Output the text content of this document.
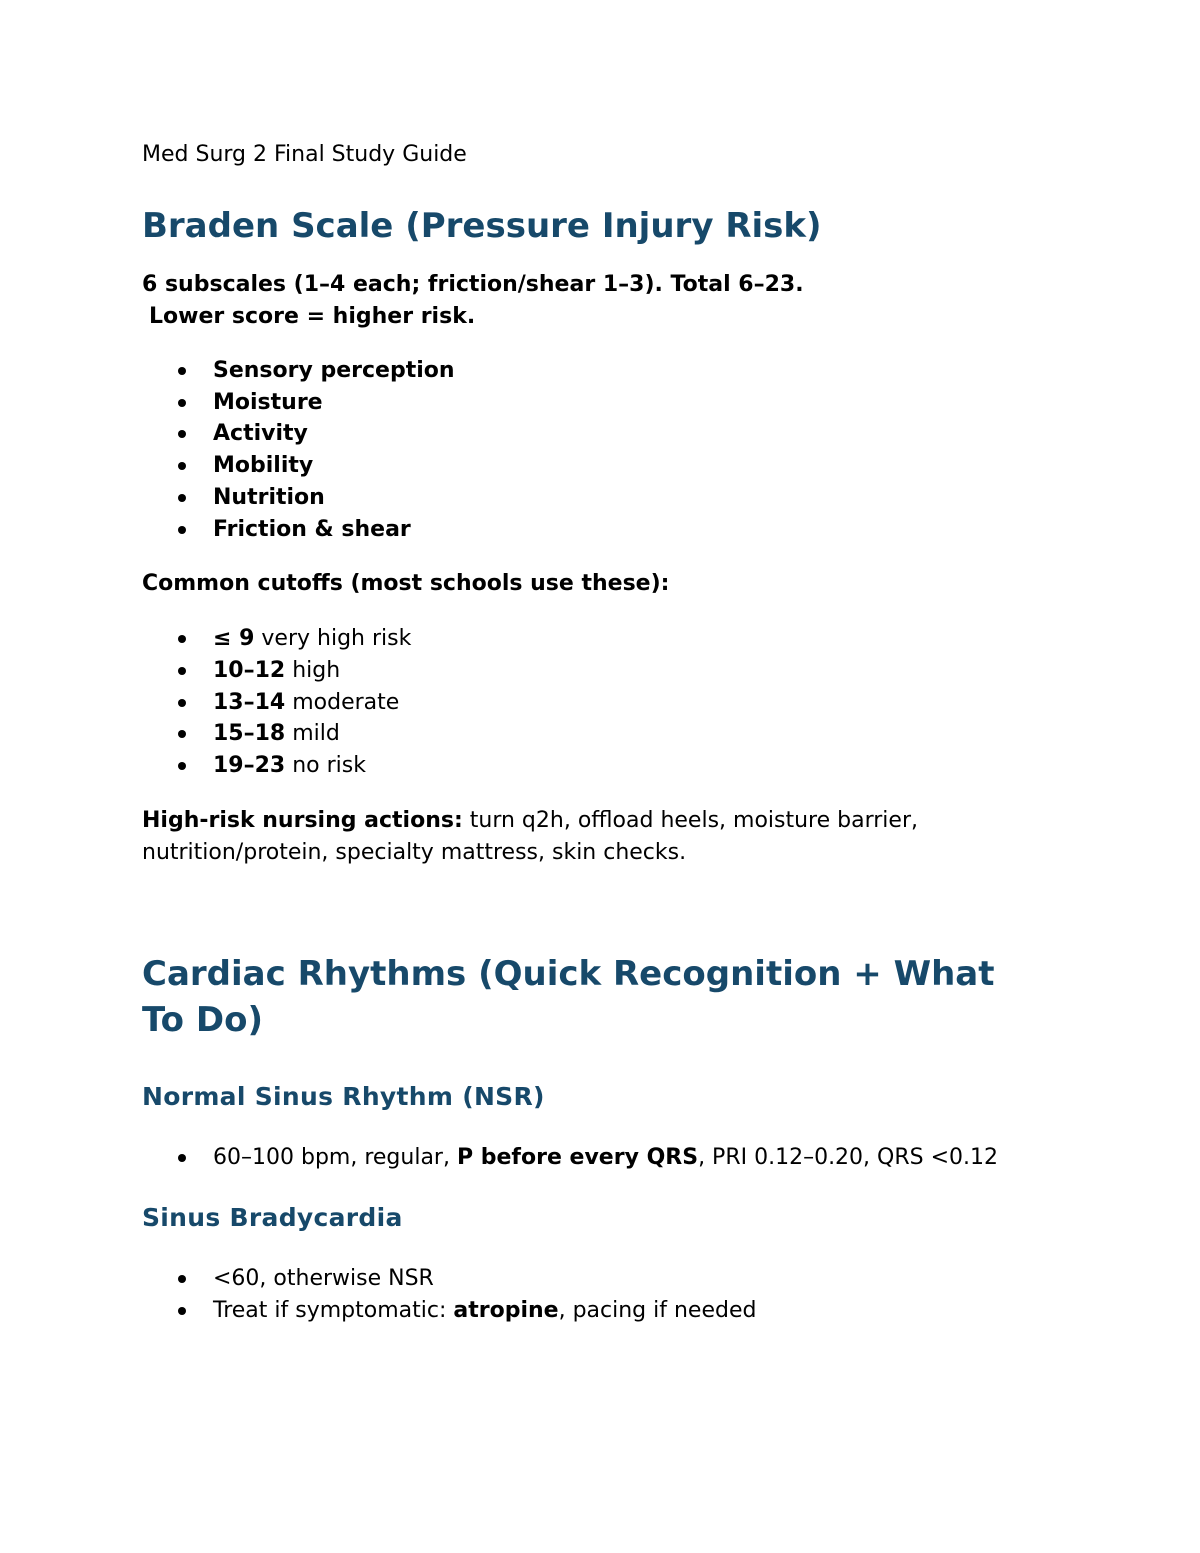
Med Surg 2 Final Study Guide

Braden Scale (Pressure Injury Risk)

6 subscales (1–4 each; friction/shear 1–3). Total 6–23.

Lower score = higher risk.

Sensory perception
Moisture
Activity
Mobility
Nutrition
Friction & shear

Common cutoffs (most schools use these):

≤ 9 very high risk
10–12 high
13–14 moderate
15–18 mild
19–23 no risk

High-risk nursing actions: turn q2h, offload heels, moisture barrier, nutrition/protein, specialty mattress, skin checks.

Cardiac Rhythms (Quick Recognition + What To Do)
Normal Sinus Rhythm (NSR)
60–100 bpm, regular, P before every QRS, PRI 0.12–0.20, QRS <0.12
Sinus Bradycardia
<60, otherwise NSR
Treat if symptomatic: atropine, pacing if needed
